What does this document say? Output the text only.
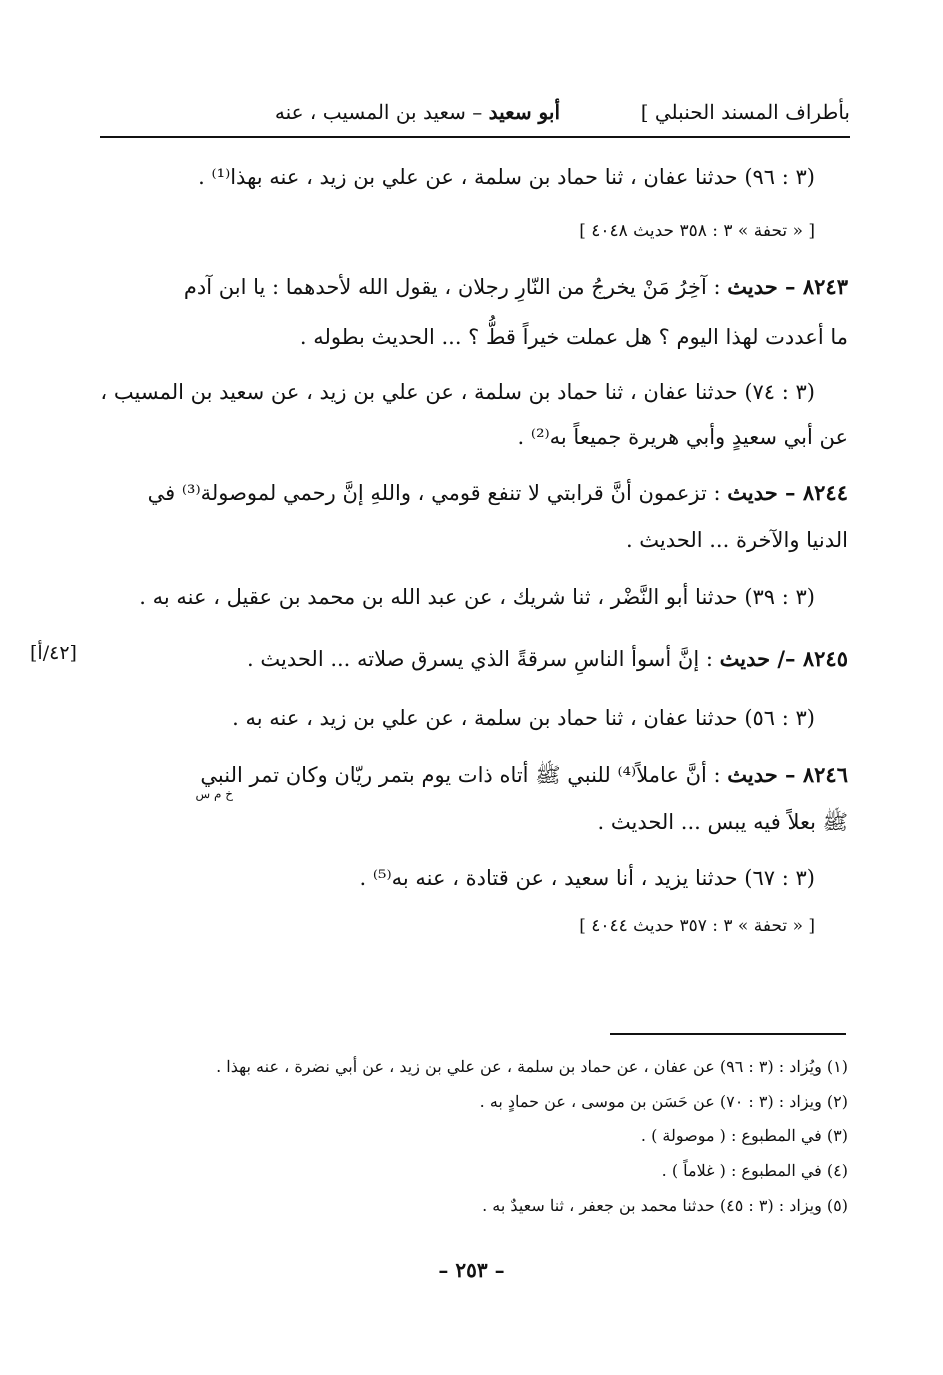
بأطراف المسند الحنبلي ]
أبو سعيد – سعيد بن المسيب ، عنه
(٣ : ٩٦) حدثنا عفان ، ثنا حماد بن سلمة ، عن علي بن زيد ، عنه بهذا⁽¹⁾ .
[ « تحفة » ٣ : ٣٥٨ حديث ٤٠٤٨ ]
٨٢٤٣ – حديث : آخِرُ مَنْ يخرجُ من النّارِ رجلان ، يقول الله لأحدهما : يا ابن آدم
ما أعددت لهذا اليوم ؟ هل عملت خيراً قطُّ ؟ ... الحديث بطوله .
(٣ : ٧٤) حدثنا عفان ، ثنا حماد بن سلمة ، عن علي بن زيد ، عن سعيد بن المسيب ،
عن أبي سعيدٍ وأبي هريرة جميعاً به⁽²⁾ .
٨٢٤٤ – حديث : تزعمون أنَّ قرابتي لا تنفع قومي ، واللهِ إنَّ رحمي لموصولة⁽³⁾ في
الدنيا والآخرة ... الحديث .
(٣ : ٣٩) حدثنا أبو النَّضْر ، ثنا شريك ، عن عبد الله بن محمد بن عقيل ، عنه به .
٨٢٤٥ –/ حديث : إنَّ أسوأ الناسِ سرقةً الذي يسرق صلاته ... الحديث .
[٤٢/أ]
(٣ : ٥٦) حدثنا عفان ، ثنا حماد بن سلمة ، عن علي بن زيد ، عنه به .
٨٢٤٦ – حديث : أنَّ عاملاً⁽⁴⁾ للنبي ﷺ أتاه ذات يوم بتمر ريّان وكان تمر النبي
خ م س
ﷺ بعلاً فيه يبس ... الحديث .
(٣ : ٦٧) حدثنا يزيد ، أنا سعيد ، عن قتادة ، عنه به⁽⁵⁾ .
[ « تحفة » ٣ : ٣٥٧ حديث ٤٠٤٤ ]
(١) ويُزاد : (٣ : ٩٦) عن عفان ، عن حماد بن سلمة ، عن علي بن زيد ، عن أبي نضرة ، عنه بهذا .
(٢) ويزاد : (٣ : ٧٠) عن حَسَن بن موسى ، عن حمادٍ به .
(٣) في المطبوع : ( موصولة ) .
(٤) في المطبوع : ( غلاماً ) .
(٥) ويزاد : (٣ : ٤٥) حدثنا محمد بن جعفر ، ثنا سعيدٌ به .
– ٢٥٣ –
